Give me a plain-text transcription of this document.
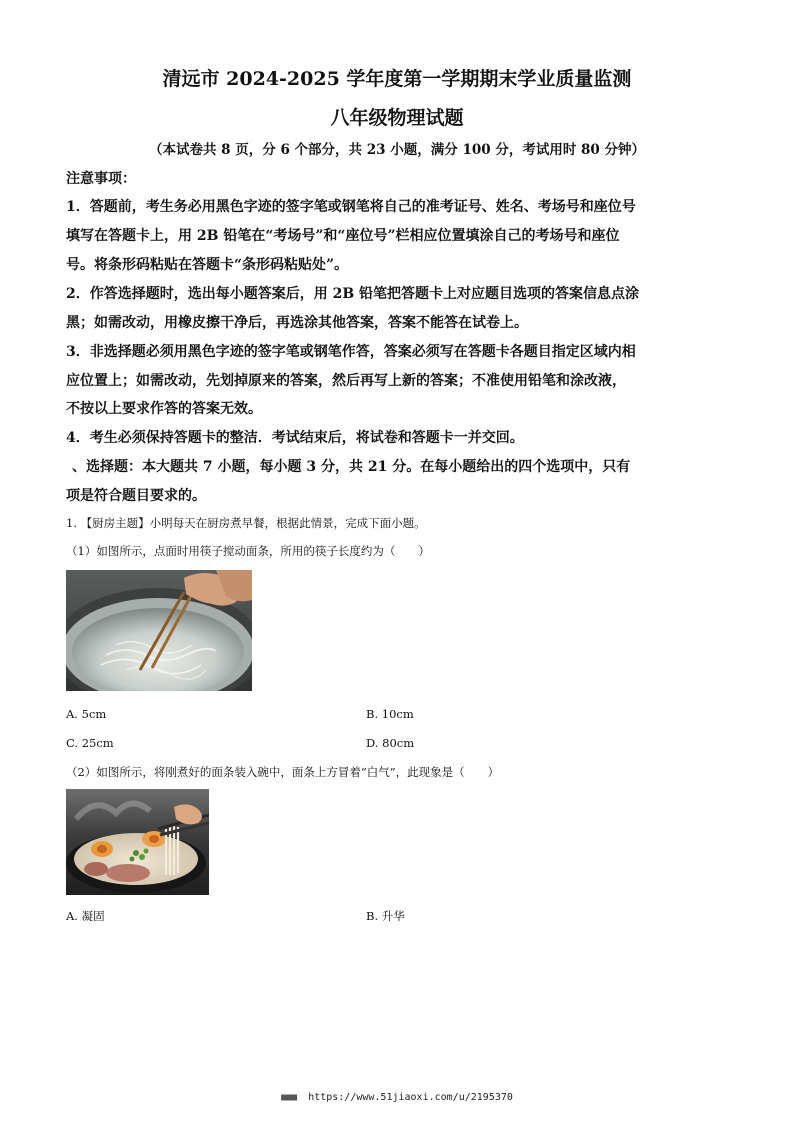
清远市 2024-2025 学年度第一学期期末学业质量监测
八年级物理试题
（本试卷共 8 页，分 6 个部分，共 23 小题，满分 100 分，考试用时 80 分钟）
注意事项：
1．答题前，考生务必用黑色字迹的签字笔或钢笔将自己的准考证号、姓名、考场号和座位号
填写在答题卡上，用 2B 铅笔在“考场号”和“座位号”栏相应位置填涂自己的考场号和座位
号。将条形码粘贴在答题卡“条形码粘贴处”。
2．作答选择题时，选出每小题答案后，用 2B 铅笔把答题卡上对应题目选项的答案信息点涂
黑；如需改动，用橡皮擦干净后，再选涂其他答案，答案不能答在试卷上。
3．非选择题必须用黑色字迹的签字笔或钢笔作答，答案必须写在答题卡各题目指定区域内相
应位置上；如需改动，先划掉原来的答案，然后再写上新的答案；不准使用铅笔和涂改液，
不按以上要求作答的答案无效。
4．考生必须保持答题卡的整洁．考试结束后，将试卷和答题卡一并交回。
、选择题：本大题共 7 小题，每小题 3 分，共 21 分。在每小题给出的四个选项中，只有
项是符合题目要求的。
1. 【厨房主题】小明每天在厨房煮早餐，根据此情景，完成下面小题。
（1）如图所示，点面时用筷子搅动面条，所用的筷子长度约为（　　）
A. 5cm	B. 10cm
C. 25cm	D. 80cm
（2）如图所示，将刚煮好的面条装入碗中，面条上方冒着“白气”，此现象是（　　）
A. 凝固	B. 升华
■■■ https://www.51jiaoxi.com/u/2195370
